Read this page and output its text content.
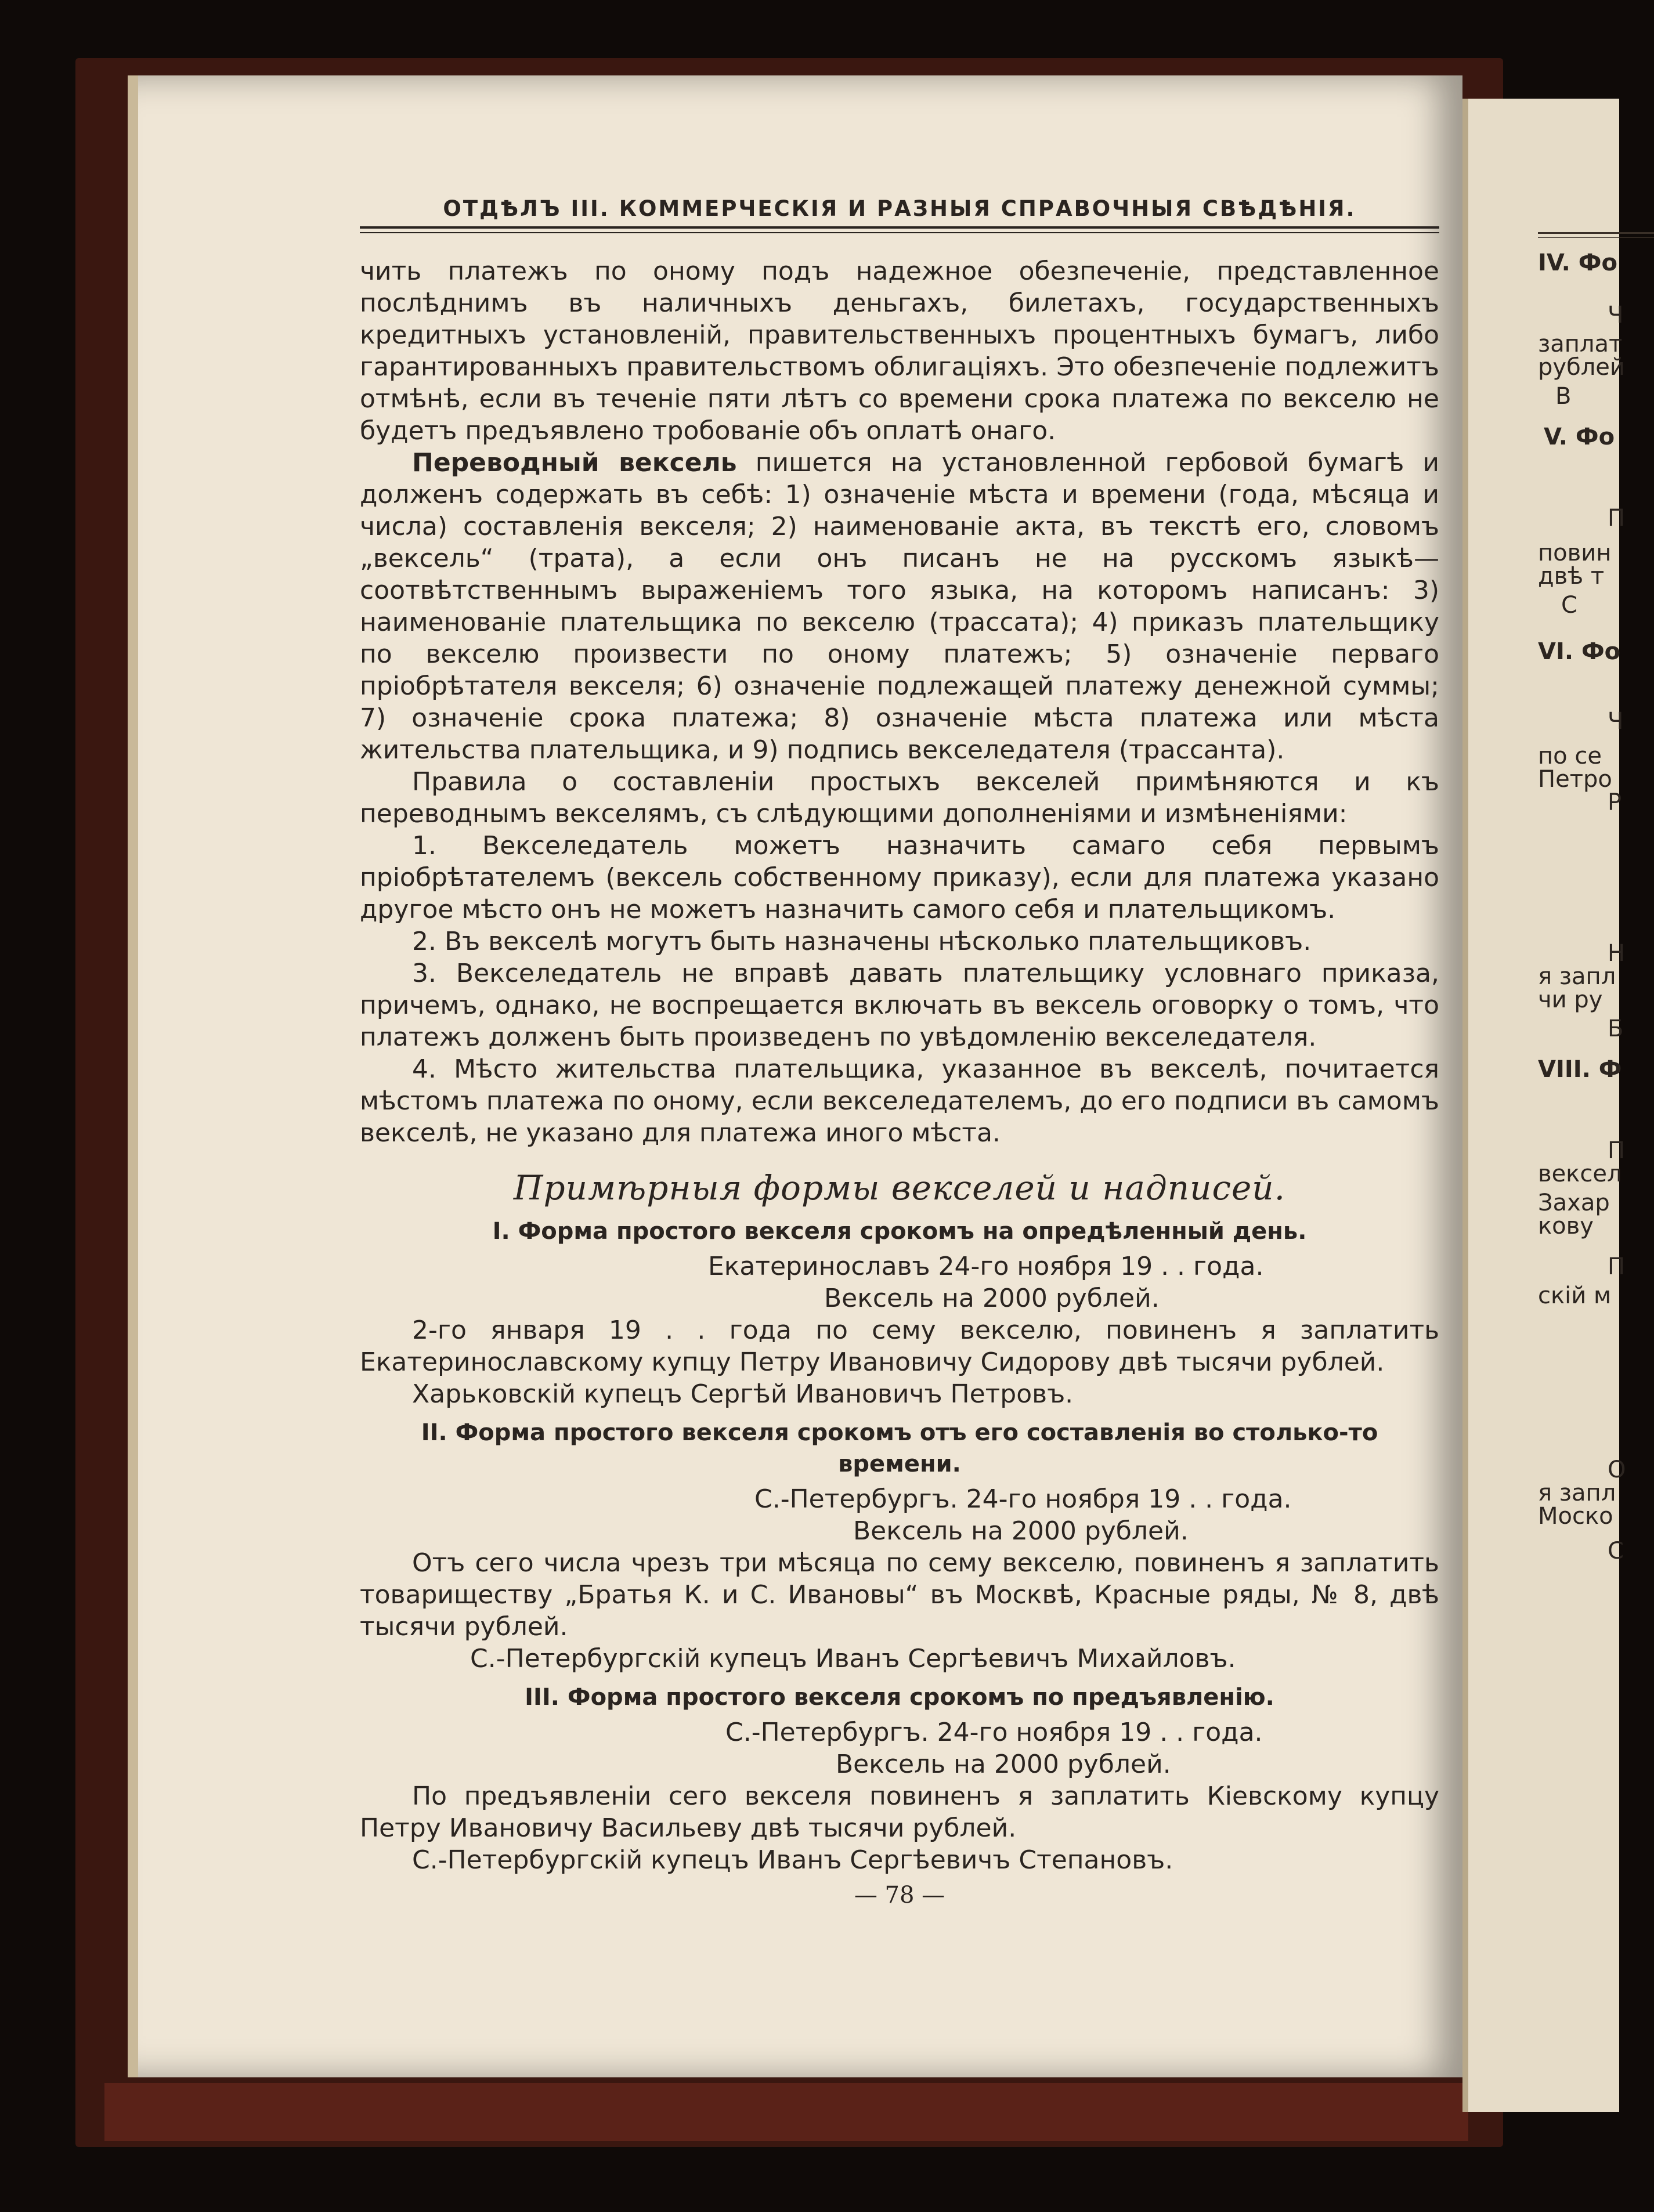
IV. Фо
Ч
заплат
рублей
В
V. Фо
П
повин
двѣ т
С
VI. Фо
Ч
по се
Петро
Р
Н
я запл
чи ру
Б
VIII. Ф
П
вексел
Захар
кову
П
скій м
О
я запл
Моско
С
ОТДѢЛЪ III. КОММЕРЧЕСКІЯ И РАЗНЫЯ СПРАВОЧНЫЯ СВѢДѢНІЯ.

чить платежъ по оному подъ надежное обезпеченіе, представленное послѣднимъ въ наличныхъ деньгахъ, билетахъ, государственныхъ кредитныхъ установленій, правительственныхъ процентныхъ бумагъ, либо гарантированныхъ правительствомъ облигаціяхъ. Это обезпеченіе подлежитъ отмѣнѣ, если въ теченіе пяти лѣтъ со времени срока платежа по векселю не будетъ предъявлено тробованіе объ оплатѣ онаго.

Переводный вексель пишется на установленной гербовой бумагѣ и долженъ содержать въ себѣ: 1) означеніе мѣста и времени (года, мѣсяца и числа) составленія векселя; 2) наименованіе акта, въ текстѣ его, словомъ „вексель“ (трата), а если онъ писанъ не на русскомъ языкѣ—соотвѣтственнымъ выраженіемъ того языка, на которомъ написанъ: 3) наименованіе плательщика по векселю (трассата); 4) приказъ плательщику по векселю произвести по оному платежъ; 5) означеніе перваго пріобрѣтателя векселя; 6) означеніе подлежащей платежу денежной суммы; 7) означеніе срока платежа; 8) означеніе мѣста платежа или мѣста жительства плательщика, и 9) подпись векселедателя (трассанта).

Правила о составленіи простыхъ векселей примѣняются и къ переводнымъ векселямъ, съ слѣдующими дополненіями и измѣненіями:

1. Векселедатель можетъ назначить самаго себя первымъ пріобрѣтателемъ (вексель собственному приказу), если для платежа указано другое мѣсто онъ не можетъ назначить самого себя и плательщикомъ.

2. Въ векселѣ могутъ быть назначены нѣсколько плательщиковъ.

3. Векселедатель не вправѣ давать плательщику условнаго приказа, причемъ, однако, не воспрещается включать въ вексель оговорку о томъ, что платежъ долженъ быть произведенъ по увѣдомленію векселедателя.

4. Мѣсто жительства плательщика, указанное въ векселѣ, почитается мѣстомъ платежа по оному, если векселедателемъ, до его подписи въ самомъ векселѣ, не указано для платежа иного мѣста.

Примѣрныя формы векселей и надписей.
I. Форма простого векселя срокомъ на опредѣленный день.

Екатеринославъ 24-го ноября 19 . . года.

Вексель на 2000 рублей.

2-го января 19 . . года по сему векселю, повиненъ я заплатить Екатеринославскому купцу Петру Ивановичу Сидорову двѣ тысячи рублей.

Харьковскій купецъ Сергѣй Ивановичъ Петровъ.

II. Форма простого векселя срокомъ отъ его составленія во столько-то времени.

С.-Петербургъ. 24-го ноября 19 . . года.

Вексель на 2000 рублей.

Отъ сего числа чрезъ три мѣсяца по сему векселю, повиненъ я заплатить товариществу „Братья К. и С. Ивановы“ въ Москвѣ, Красные ряды, № 8, двѣ тысячи рублей.

С.-Петербургскій купецъ Иванъ Сергѣевичъ Михайловъ.

III. Форма простого векселя срокомъ по предъявленію.

С.-Петербургъ. 24-го ноября 19 . . года.

Вексель на 2000 рублей.

По предъявленіи сего векселя повиненъ я заплатить Кіевскому купцу Петру Ивановичу Васильеву двѣ тысячи рублей.

С.-Петербургскій купецъ Иванъ Сергѣевичъ Степановъ.

— 78 —
